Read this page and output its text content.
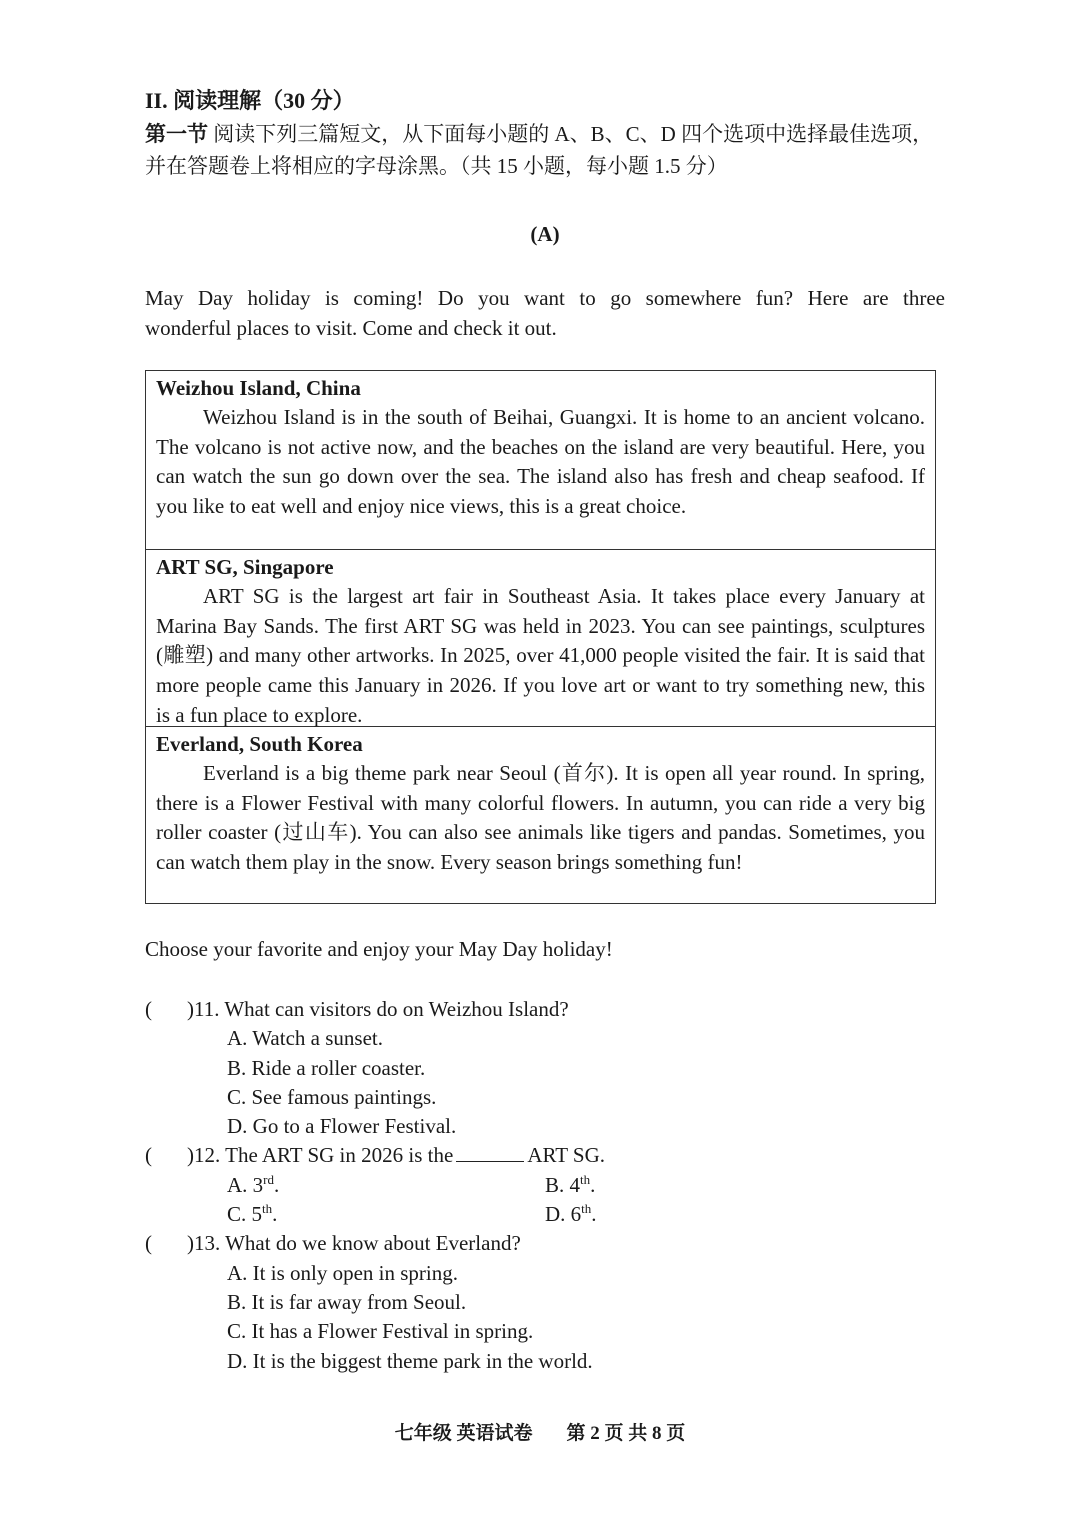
II. 阅读理解（30 分）

第一节 阅读下列三篇短文，从下面每小题的 A、B、C、D 四个选项中选择最佳选项，并在答题卷上将相应的字母涂黑。（共 15 小题，每小题 1.5 分）

(A)

May Day holiday is coming! Do you want to go somewhere fun? Here are three
wonderful places to visit. Come and check it out.

Weizhou Island, China

Weizhou Island is in the south of Beihai, Guangxi. It is home to an ancient volcano. The volcano is not active now, and the beaches on the island are very beautiful. Here, you can watch the sun go down over the sea. The island also has fresh and cheap seafood. If you like to eat well and enjoy nice views, this is a great choice.

ART SG, Singapore

ART SG is the largest art fair in Southeast Asia. It takes place every January at Marina Bay Sands. The first ART SG was held in 2023. You can see paintings, sculptures (雕塑) and many other artworks. In 2025, over 41,000 people visited the fair. It is said that more people came this January in 2026. If you love art or want to try something new, this is a fun place to explore.

Everland, South Korea

Everland is a big theme park near Seoul (首尔). It is open all year round. In spring, there is a Flower Festival with many colorful flowers. In autumn, you can ride a very big roller coaster (过山车). You can also see animals like tigers and pandas. Sometimes, you can watch them play in the snow. Every season brings something fun!

Choose your favorite and enjoy your May Day holiday!

(	)11. What can visitors do on Weizhou Island?
A. Watch a sunset.
B. Ride a roller coaster.
C. See famous paintings.
D. Go to a Flower Festival.
(	)12. The ART SG in 2026 is the	ART SG.
A. 3rd.	B. 4th.
C. 5th.	D. 6th.
(	)13. What do we know about Everland?
A. It is only open in spring.
B. It is far away from Seoul.
C. It has a Flower Festival in spring.
D. It is the biggest theme park in the world.

七年级 英语试卷 第 2 页 共 8 页
